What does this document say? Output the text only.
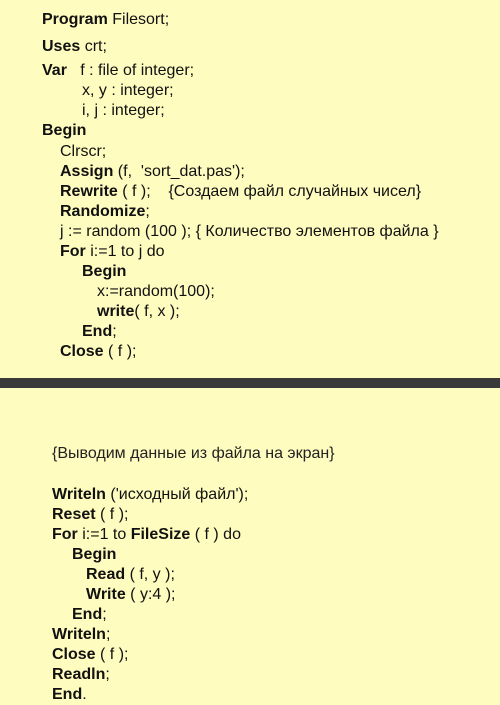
Program Filesort;
Uses crt;
Var   f : file of integer;
x, y : integer;
i, j : integer;
Begin
Clrscr;
Assign (f,  'sort_dat.pas');
Rewrite ( f );    {Создаем файл случайных чисел}
Randomize;
j := random (100 ); { Количество элементов файла }
For i:=1 to j do
Begin
x:=random(100);
write( f, x );
End;
Close ( f );
{Выводим данные из файла на экран}
Writeln ('исходный файл');
Reset ( f );
For i:=1 to FileSize ( f ) do
Begin
Read ( f, y );
Write ( y:4 );
End;
Writeln;
Close ( f );
Readln;
End.
